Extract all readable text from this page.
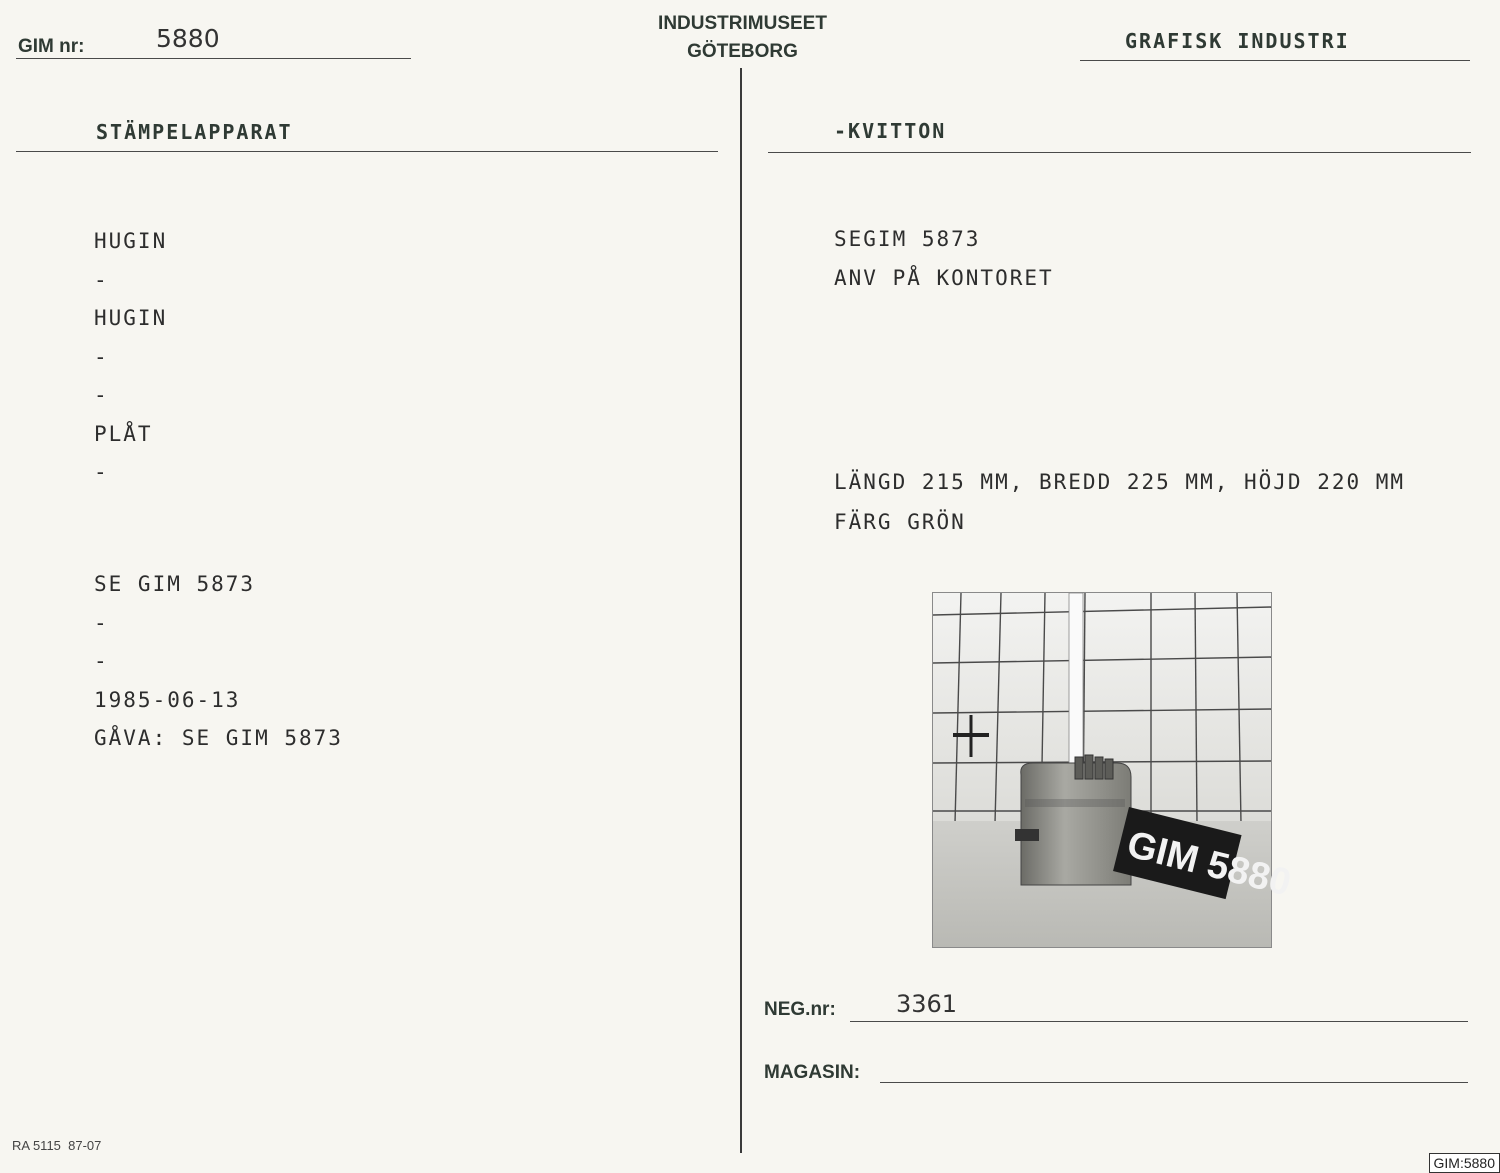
GIM nr:	5880
INDUSTRIMUSEET
GÖTEBORG	GRAFISK INDUSTRI
STÄMPELAPPARAT
HUGIN
-
HUGIN
-
-
PLÅT
-
SE GIM 5873
-
-
1985-06-13
GÅVA: SE GIM 5873
-KVITTON
SEGIM 5873
ANV PÅ KONTORET
LÄNGD 215 MM, BREDD 225 MM, HÖJD 220 MM
FÄRG GRÖN
GIM 5880
NEG.nr:	3361
MAGASIN:
RA 5115  87-07
GIM:5880
